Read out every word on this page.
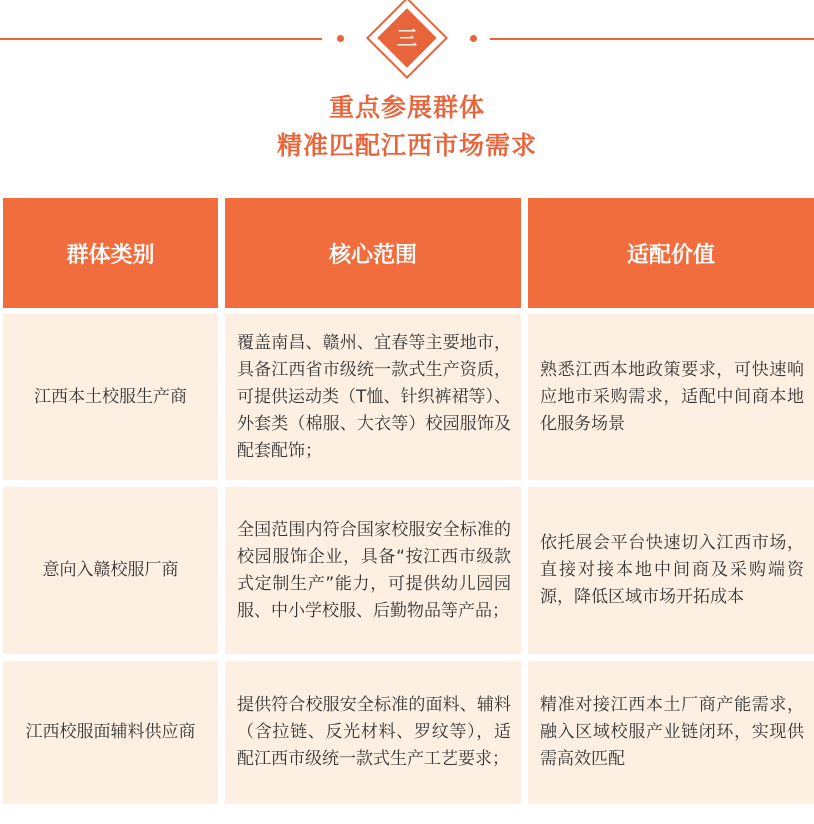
三
重点参展群体
精准匹配江西市场需求
群体类别	核心范围	适配价值
江西本土校服生产商
覆盖南昌、赣州、宜春等主要地市，具备江西省市级统一款式生产资质，可提供运动类（T恤、针织裤裙等）、外套类（棉服、大衣等）校园服饰及配套配饰；
熟悉江西本地政策要求，可快速响应地市采购需求，适配中间商本地化服务场景
意向入赣校服厂商
全国范围内符合国家校服安全标准的校园服饰企业，具备“按江西市级款式定制生产”能力，可提供幼儿园园服、中小学校服、后勤物品等产品；
依托展会平台快速切入江西市场，直接对接本地中间商及采购端资源，降低区域市场开拓成本
江西校服面辅料供应商
提供符合校服安全标准的面料、辅料（含拉链、反光材料、罗纹等），适配江西市级统一款式生产工艺要求；
精准对接江西本土厂商产能需求，融入区域校服产业链闭环，实现供需高效匹配
